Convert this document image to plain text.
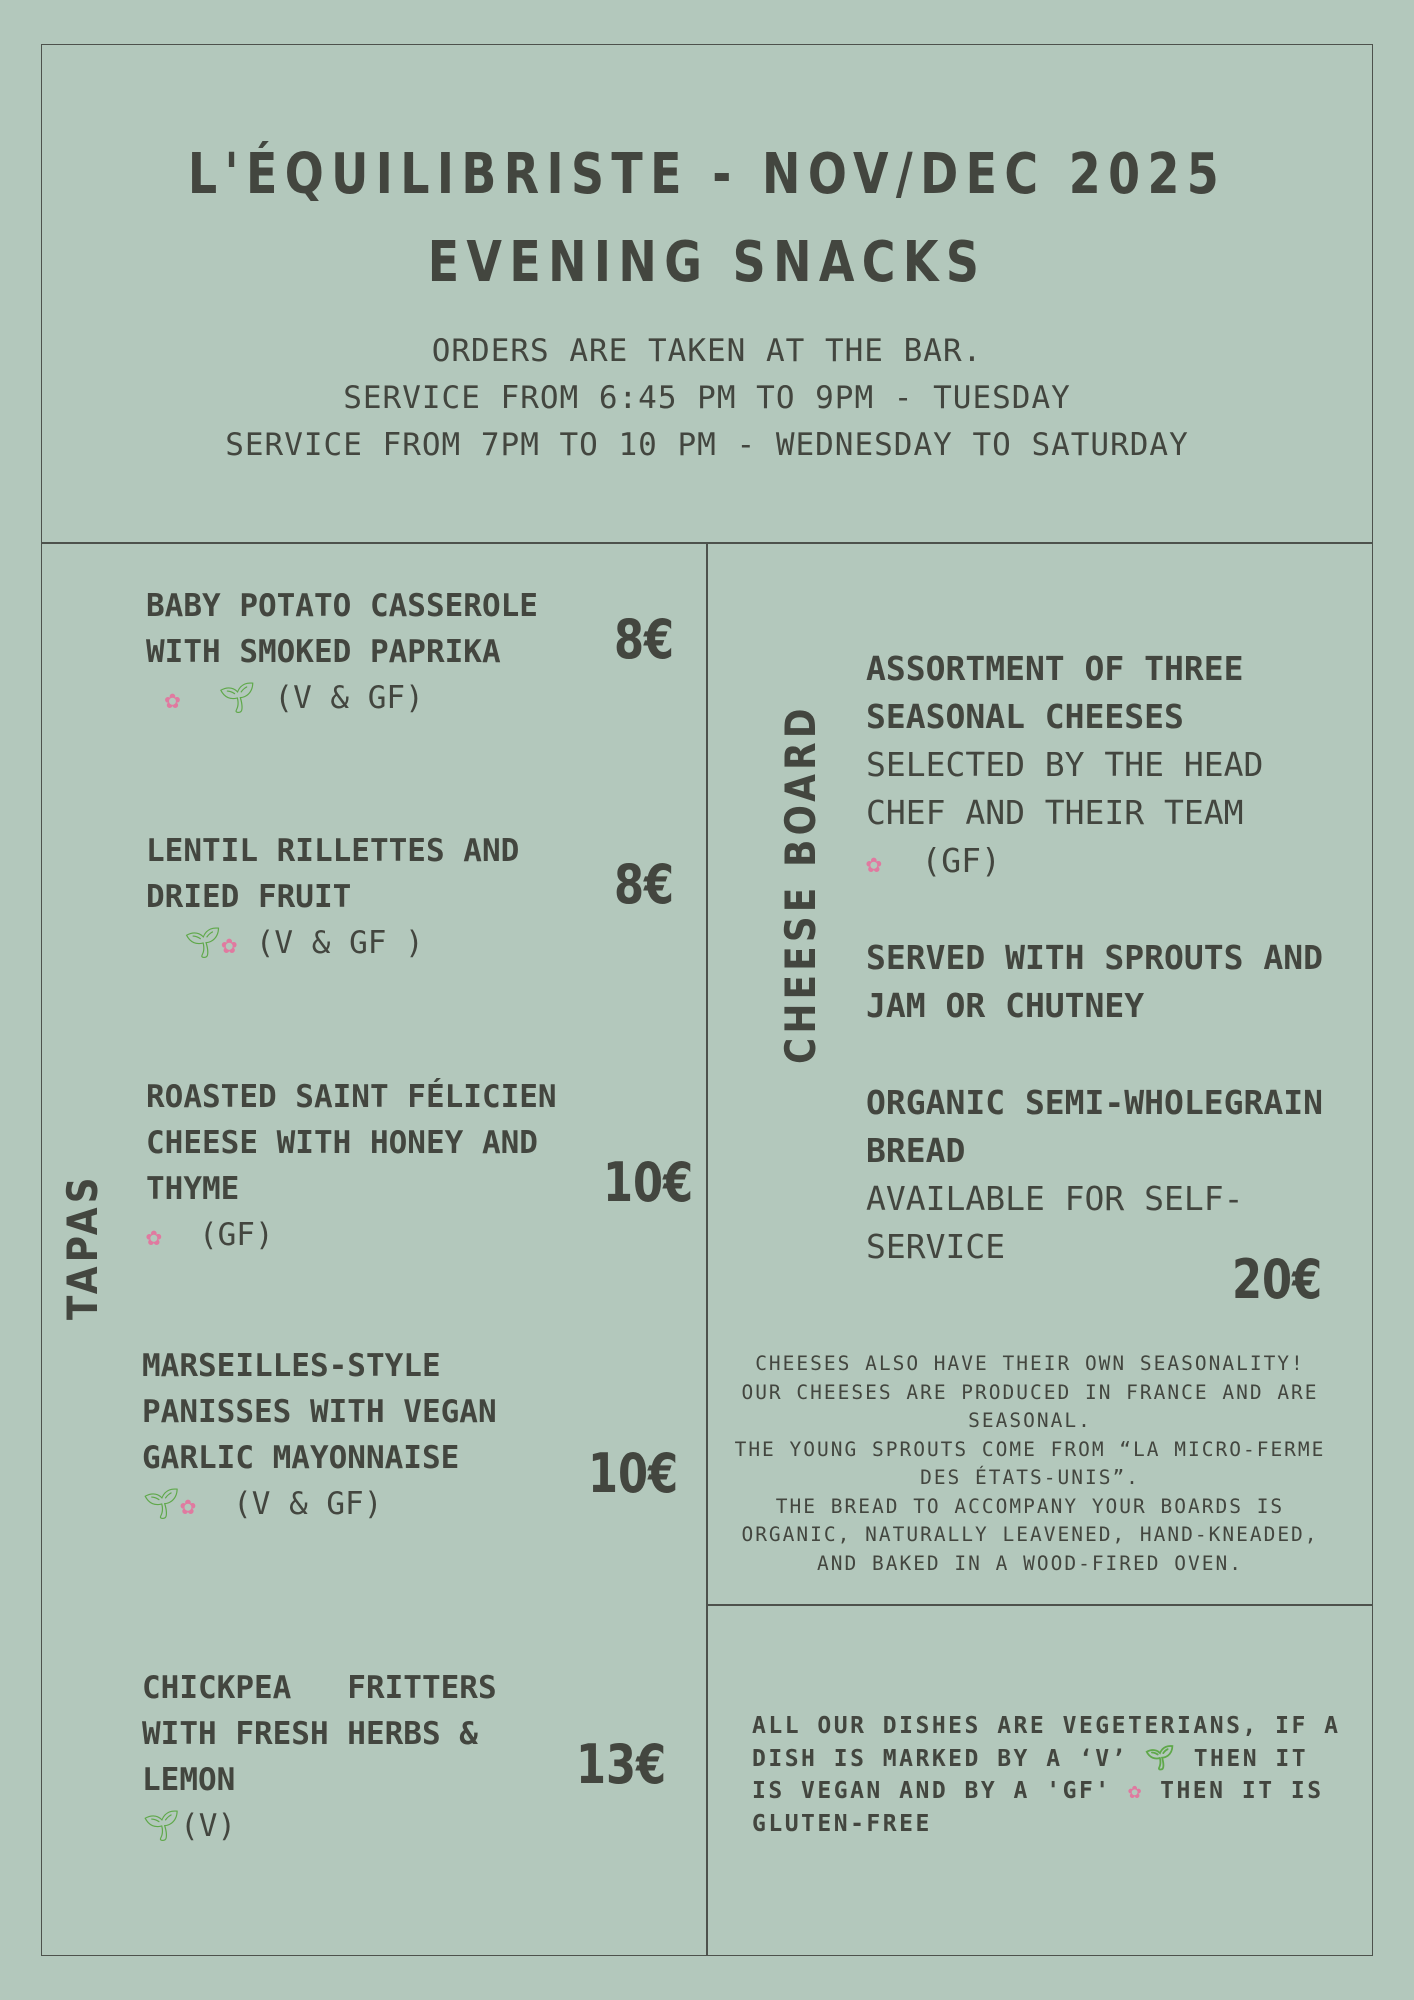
L'ÉQUILIBRISTE - NOV/DEC 2025
EVENING SNACKS
ORDERS ARE TAKEN AT THE BAR.
SERVICE FROM 6:45 PM TO 9PM - TUESDAY
SERVICE FROM 7PM TO 10 PM - WEDNESDAY TO SATURDAY
TAPAS
BABY POTATO CASSEROLE WITH SMOKED PAPRIKA
✿ 🌱︎ (V & GF)
8€
LENTIL RILLETTES AND DRIED FRUIT
🌱︎✿ (V & GF )
8€
ROASTED SAINT FÉLICIEN CHEESE WITH HONEY AND THYME
✿ (GF)
10€
MARSEILLES-STYLE PANISSES WITH VEGAN GARLIC MAYONNAISE
🌱︎✿ (V & GF)	10€
CHICKPEA   FRITTERS WITH FRESH HERBS & LEMON
🌱︎(V)
13€
CHEESE BOARD
ASSORTMENT OF THREE SEASONAL CHEESES
SELECTED BY THE HEAD CHEF AND THEIR TEAM
✿ (GF)
SERVED WITH SPROUTS AND JAM OR CHUTNEY
ORGANIC SEMI-WHOLEGRAIN BREAD
AVAILABLE FOR SELF-SERVICE
20€
CHEESES ALSO HAVE THEIR OWN SEASONALITY!
OUR CHEESES ARE PRODUCED IN FRANCE AND ARE SEASONAL.
THE YOUNG SPROUTS COME FROM “LA MICRO-FERME DES ÉTATS-UNIS”.
THE BREAD TO ACCOMPANY YOUR BOARDS IS ORGANIC, NATURALLY LEAVENED, HAND-KNEADED, AND BAKED IN A WOOD-FIRED OVEN.
ALL OUR DISHES ARE VEGETERIANS, IF A DISH IS MARKED BY A ‘V’ 🌱︎ THEN IT IS VEGAN AND BY A 'GF' ✿ THEN IT IS GLUTEN-FREE
